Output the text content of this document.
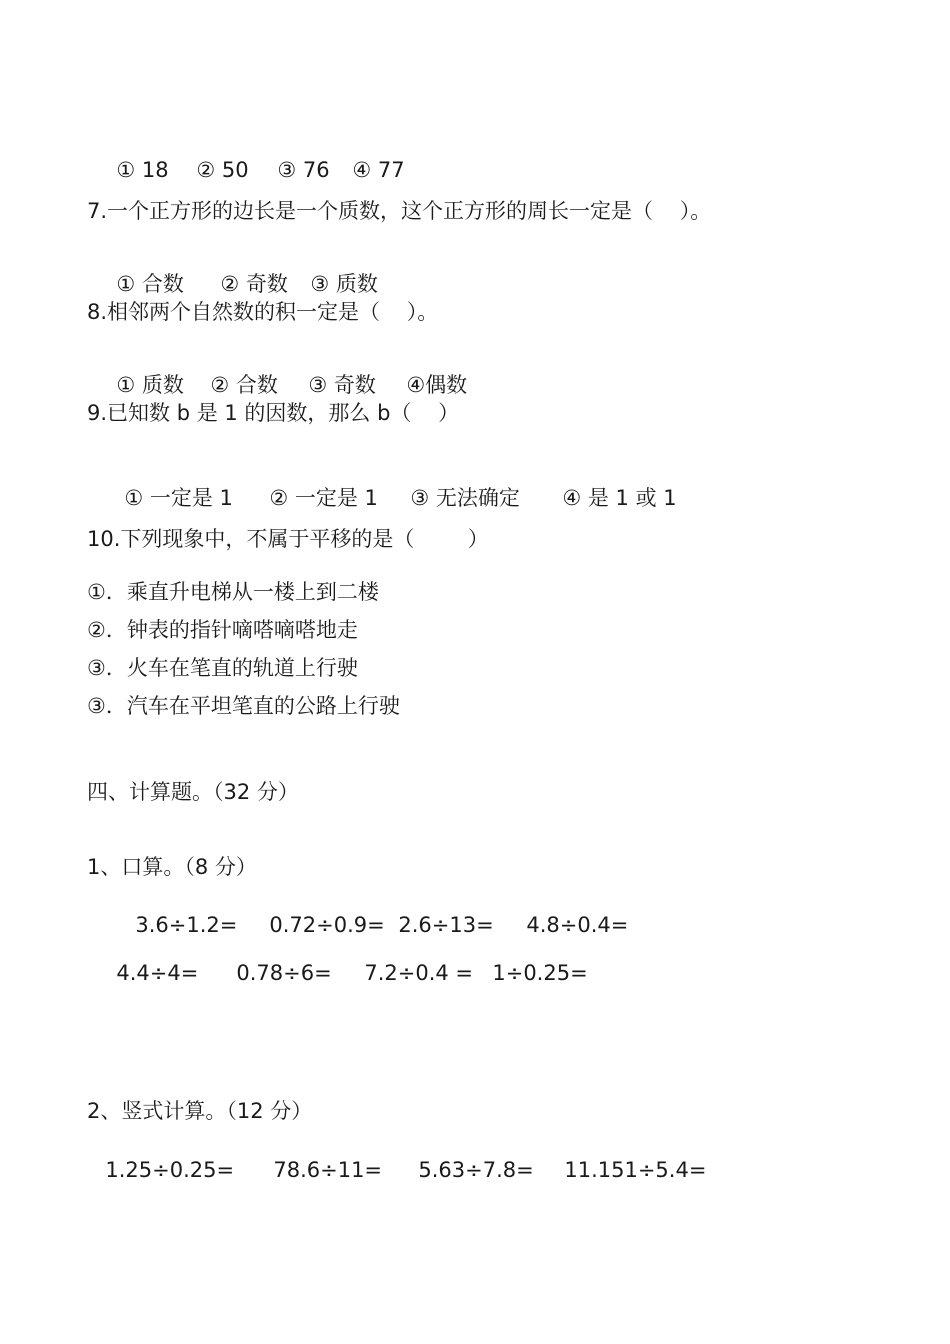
① 18 ② 50 ③ 76 ④ 77

7.一个正方形的边长是一个质数，这个正方形的周长一定是（    ）。

① 合数 ② 奇数 ③ 质数

8.相邻两个自然数的积一定是（    ）。

① 质数 ② 合数 ③ 奇数 ④偶数

9.已知数 b 是 1 的因数，那么 b（    ）

① 一定是 1 ② 一定是 1 ③ 无法确定 ④ 是 1 或 1

10.下列现象中，不属于平移的是（        ）
①．乘直升电梯从一楼上到二楼
②．钟表的指针嘀嗒嘀嗒地走
③．火车在笔直的轨道上行驶
③．汽车在平坦笔直的公路上行驶
四、计算题。（32 分）
1、口算。（8 分）

3.6÷1.2= 0.72÷0.9= 2.6÷13= 4.8÷0.4=

4.4÷4= 0.78÷6= 7.2÷0.4 = 1÷0.25=

2、竖式计算。（12 分）

1.25÷0.25= 78.6÷11= 5.63÷7.8= 11.151÷5.4=
